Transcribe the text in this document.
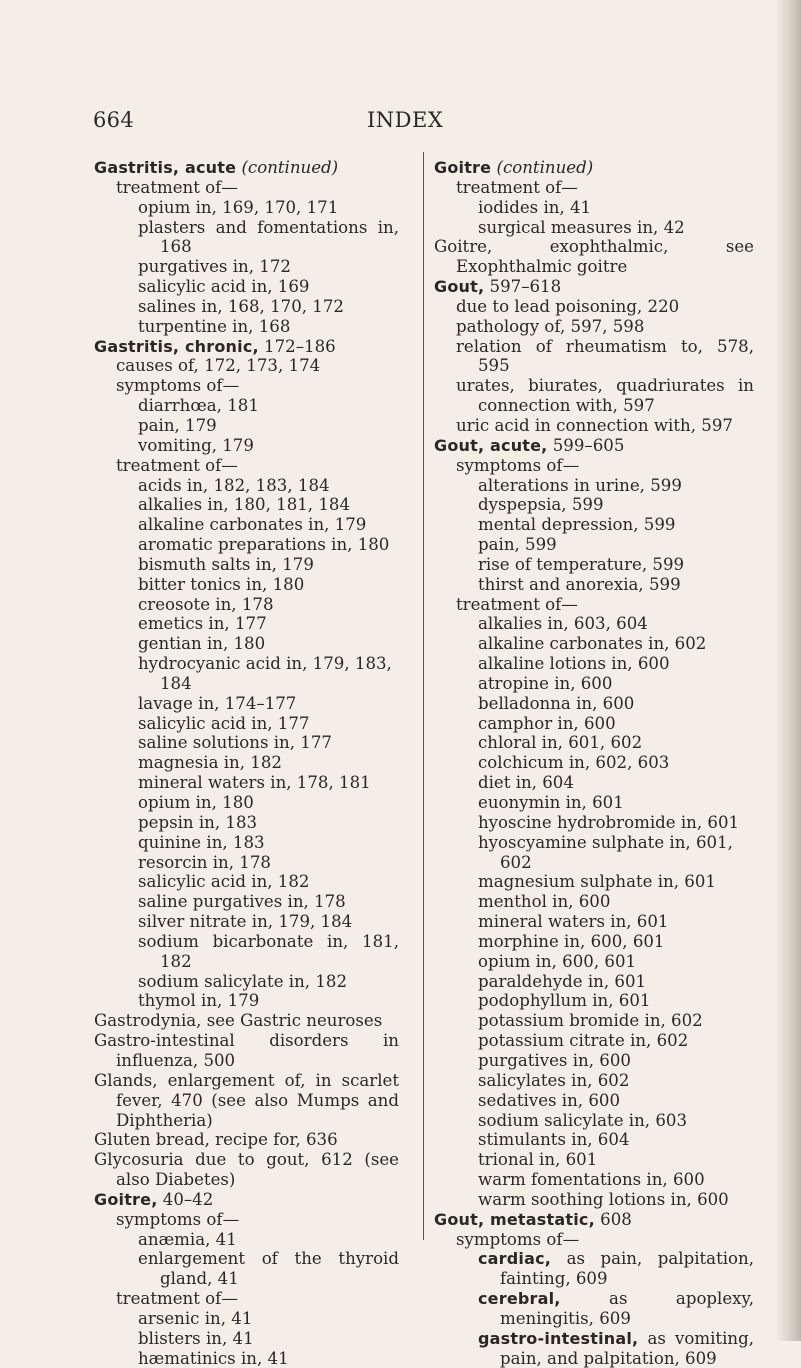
664	INDEX
Gastritis, acute (continued)
treatment of—
opium in, 169, 170, 171
plasters and fomentations in, 168
purgatives in, 172
salicylic acid in, 169
salines in, 168, 170, 172
turpentine in, 168
Gastritis, chronic, 172–186
causes of, 172, 173, 174
symptoms of—
diarrhœa, 181
pain, 179
vomiting, 179
treatment of—
acids in, 182, 183, 184
alkalies in, 180, 181, 184
alkaline carbonates in, 179
aromatic preparations in, 180
bismuth salts in, 179
bitter tonics in, 180
creosote in, 178
emetics in, 177
gentian in, 180
hydrocyanic acid in, 179, 183, 184
lavage in, 174–177
salicylic acid in, 177
saline solutions in, 177
magnesia in, 182
mineral waters in, 178, 181
opium in, 180
pepsin in, 183
quinine in, 183
resorcin in, 178
salicylic acid in, 182
saline purgatives in, 178
silver nitrate in, 179, 184
sodium bicarbonate in, 181, 182
sodium salicylate in, 182
thymol in, 179
Gastrodynia, see Gastric neuroses
Gastro-intestinal disorders in influenza, 500
Glands, enlargement of, in scarlet fever, 470 (see also Mumps and Diphtheria)
Gluten bread, recipe for, 636
Glycosuria due to gout, 612 (see also Diabetes)
Goitre, 40–42
symptoms of—
anæmia, 41
enlargement of the thyroid gland, 41
treatment of—
arsenic in, 41
blisters in, 41
hæmatinics in, 41
Goitre (continued)
treatment of—
iodides in, 41
surgical measures in, 42
Goitre, exophthalmic, see Exophthalmic goitre
Gout, 597–618
due to lead poisoning, 220
pathology of, 597, 598
relation of rheumatism to, 578, 595
urates, biurates, quadriurates in connection with, 597
uric acid in connection with, 597
Gout, acute, 599–605
symptoms of—
alterations in urine, 599
dyspepsia, 599
mental depression, 599
pain, 599
rise of temperature, 599
thirst and anorexia, 599
treatment of—
alkalies in, 603, 604
alkaline carbonates in, 602
alkaline lotions in, 600
atropine in, 600
belladonna in, 600
camphor in, 600
chloral in, 601, 602
colchicum in, 602, 603
diet in, 604
euonymin in, 601
hyoscine hydrobromide in, 601
hyoscyamine sulphate in, 601, 602
magnesium sulphate in, 601
menthol in, 600
mineral waters in, 601
morphine in, 600, 601
opium in, 600, 601
paraldehyde in, 601
podophyllum in, 601
potassium bromide in, 602
potassium citrate in, 602
purgatives in, 600
salicylates in, 602
sedatives in, 600
sodium salicylate in, 603
stimulants in, 604
trional in, 601
warm fomentations in, 600
warm soothing lotions in, 600
Gout, metastatic, 608
symptoms of—
cardiac, as pain, palpitation, fainting, 609
cerebral, as apoplexy, meningitis, 609
gastro-intestinal, as vomiting, pain, and palpitation, 609
